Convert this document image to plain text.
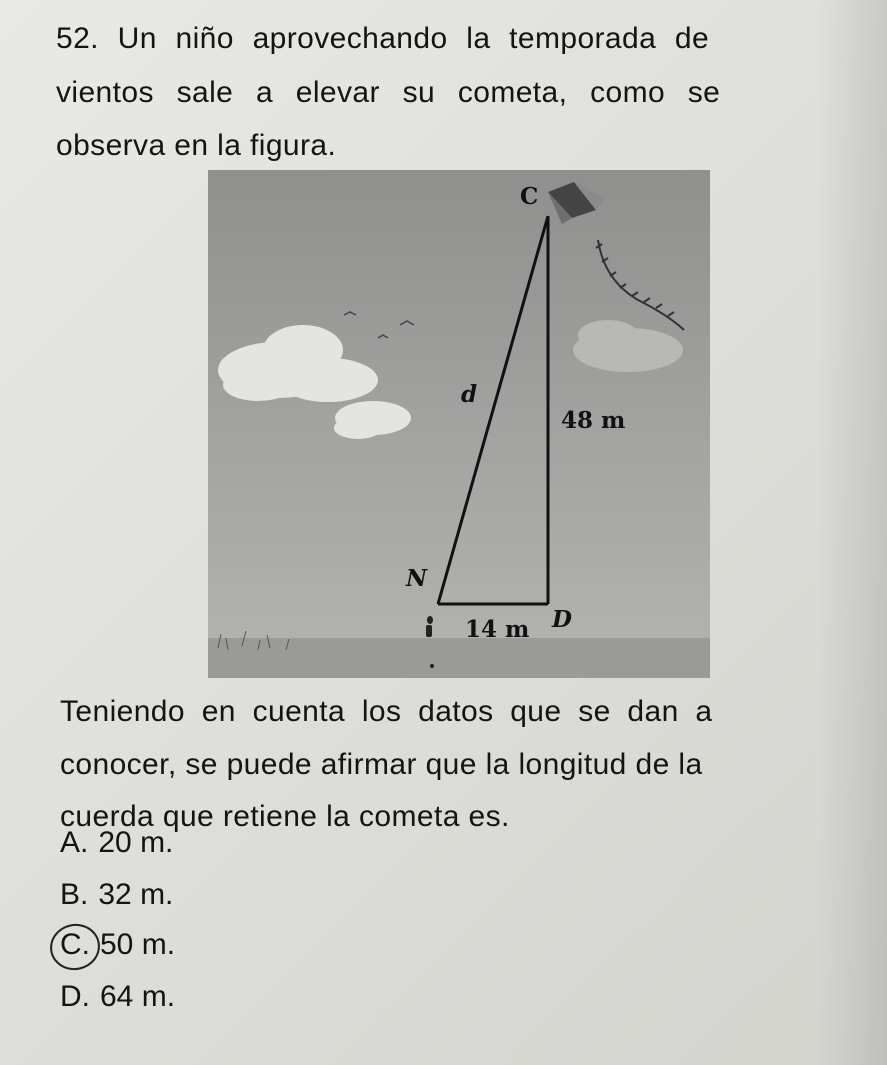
52. Un niño aprovechando la temporada de
vientos sale a elevar su cometa, como se
observa en la figura.
C
d
48 m
N
14 m D
Teniendo en cuenta los datos que se dan a
conocer, se puede afirmar que la longitud de la
cuerda que retiene la cometa es.
A. 20 m.
B. 32 m.
C. 50 m.
D. 64 m.
